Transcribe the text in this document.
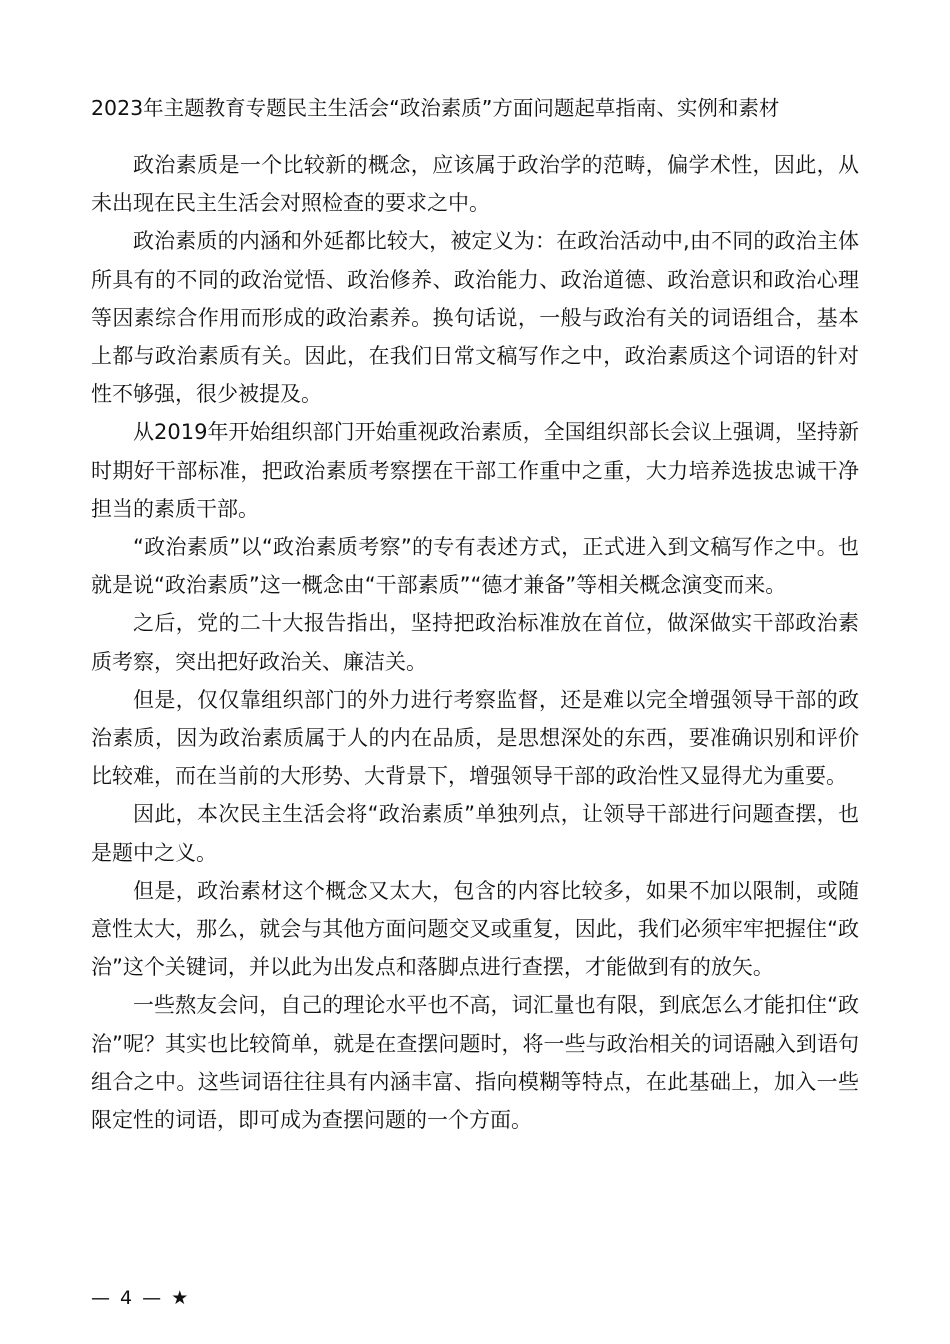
2023年主题教育专题民主生活会“政治素质”方面问题起草指南、实例和素材

政治素质是一个比较新的概念，应该属于政治学的范畴，偏学术性，因此，从未出现在民主生活会对照检查的要求之中。

政治素质的内涵和外延都比较大，被定义为：在政治活动中,由不同的政治主体所具有的不同的政治觉悟、政治修养、政治能力、政治道德、政治意识和政治心理等因素综合作用而形成的政治素养。换句话说，一般与政治有关的词语组合，基本上都与政治素质有关。因此，在我们日常文稿写作之中，政治素质这个词语的针对性不够强，很少被提及。

从2019年开始组织部门开始重视政治素质，全国组织部长会议上强调，坚持新时期好干部标准，把政治素质考察摆在干部工作重中之重，大力培养选拔忠诚干净担当的素质干部。

“政治素质”以“政治素质考察”的专有表述方式，正式进入到文稿写作之中。也就是说“政治素质”这一概念由“干部素质”“德才兼备”等相关概念演变而来。

之后，党的二十大报告指出，坚持把政治标准放在首位，做深做实干部政治素质考察，突出把好政治关、廉洁关。

但是，仅仅靠组织部门的外力进行考察监督，还是难以完全增强领导干部的政治素质，因为政治素质属于人的内在品质，是思想深处的东西，要准确识别和评价比较难，而在当前的大形势、大背景下，增强领导干部的政治性又显得尤为重要。

因此，本次民主生活会将“政治素质”单独列点，让领导干部进行问题查摆，也是题中之义。

但是，政治素材这个概念又太大，包含的内容比较多，如果不加以限制，或随意性太大，那么，就会与其他方面问题交叉或重复，因此，我们必须牢牢把握住“政治”这个关键词，并以此为出发点和落脚点进行查摆，才能做到有的放矢。

一些熬友会问，自己的理论水平也不高，词汇量也有限，到底怎么才能扣住“政治”呢？其实也比较简单，就是在查摆问题时，将一些与政治相关的词语融入到语句组合之中。这些词语往往具有内涵丰富、指向模糊等特点，在此基础上，加入一些限定性的词语，即可成为查摆问题的一个方面。

— 4 — ★
